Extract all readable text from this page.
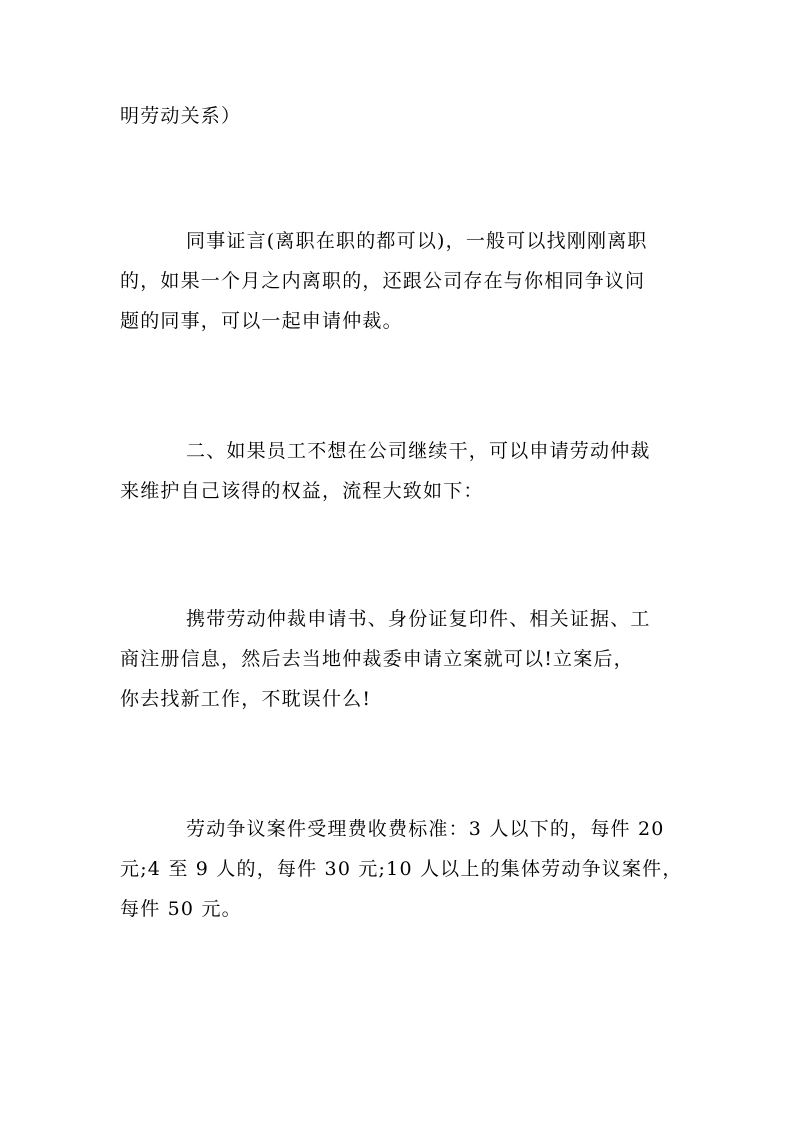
明劳动关系）
同事证言(离职在职的都可以)，一般可以找刚刚离职
的，如果一个月之内离职的，还跟公司存在与你相同争议问
题的同事，可以一起申请仲裁。
二、如果员工不想在公司继续干，可以申请劳动仲裁
来维护自己该得的权益，流程大致如下：
携带劳动仲裁申请书、身份证复印件、相关证据、工
商注册信息，然后去当地仲裁委申请立案就可以!立案后，
你去找新工作，不耽误什么!
劳动争议案件受理费收费标准：3 人以下的，每件 20
元;4 至 9 人的，每件 30 元;10 人以上的集体劳动争议案件，
每件 50 元。
